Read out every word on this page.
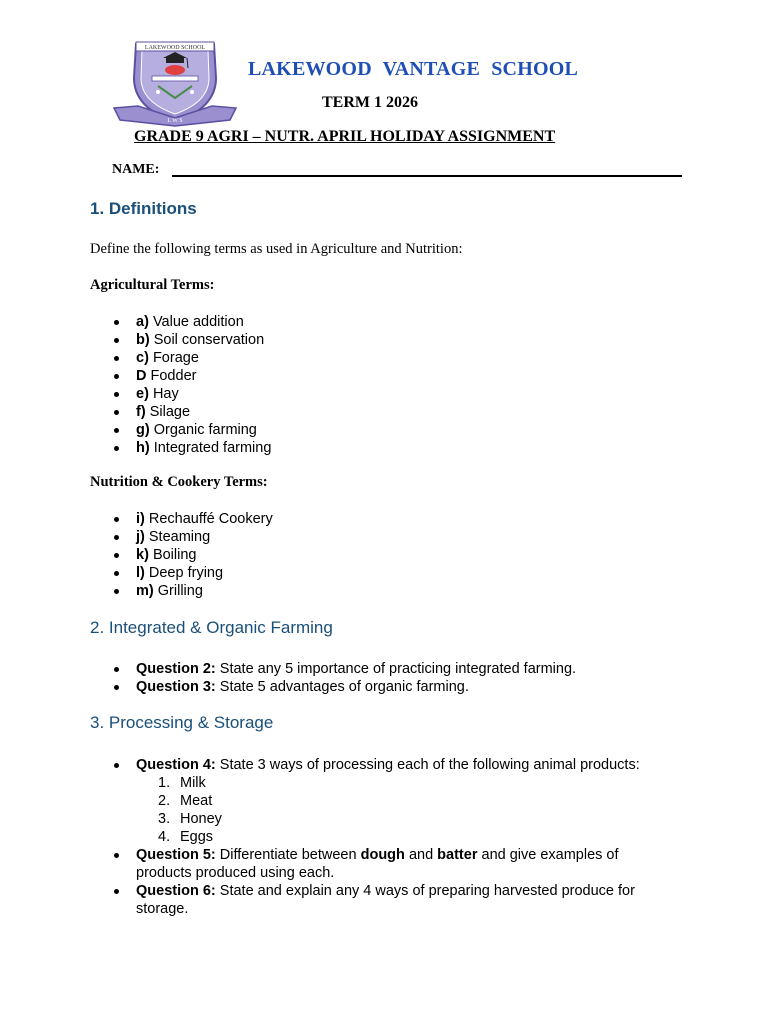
LAKEWOOD SCHOOL
L W S
LAKEWOOD VANTAGE SCHOOL
TERM 1 2026
GRADE 9 AGRI – NUTR. APRIL HOLIDAY ASSIGNMENT
NAME:
1. Definitions
Define the following terms as used in Agriculture and Nutrition:
Agricultural Terms:
a) Value addition
b) Soil conservation
c) Forage
D Fodder
e) Hay
f) Silage
g) Organic farming
h) Integrated farming
Nutrition & Cookery Terms:
i) Rechauffé Cookery
j) Steaming
k) Boiling
l) Deep frying
m) Grilling
2. Integrated & Organic Farming
Question 2: State any 5 importance of practicing integrated farming.
Question 3: State 5 advantages of organic farming.
3. Processing & Storage
Question 4: State 3 ways of processing each of the following animal products:
1. Milk
2. Meat
3. Honey
4. Eggs
Question 5: Differentiate between dough and batter and give examples of products produced using each.
Question 6: State and explain any 4 ways of preparing harvested produce for storage.
